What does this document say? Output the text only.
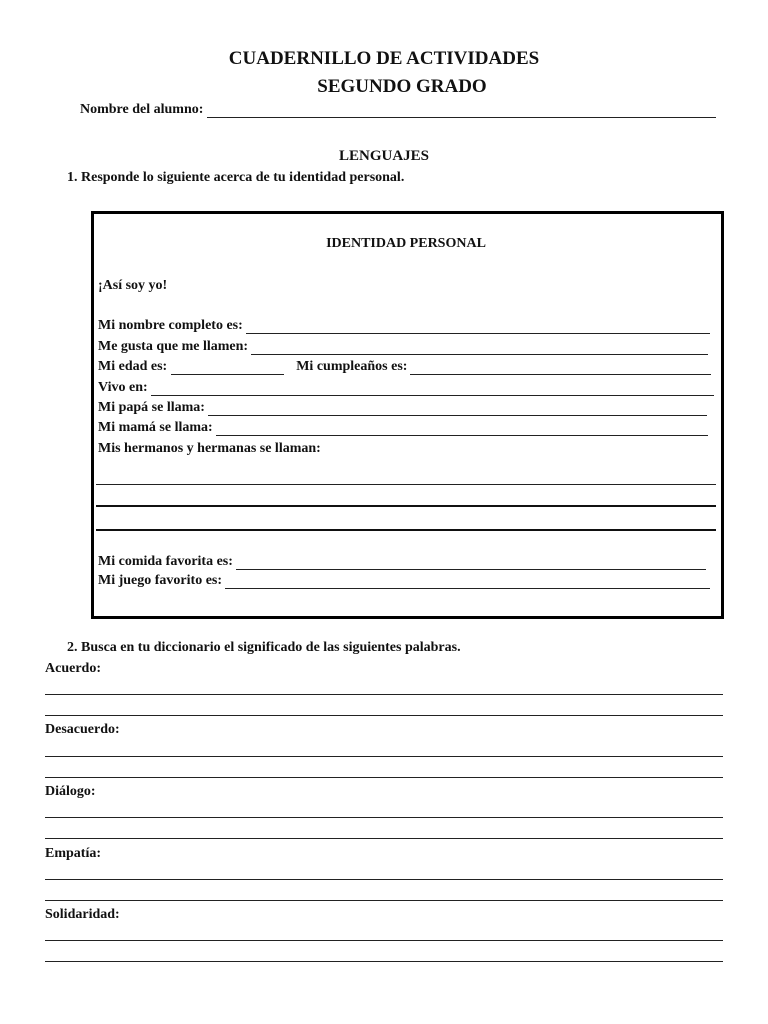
CUADERNILLO DE ACTIVIDADES
SEGUNDO GRADO
Nombre del alumno:
LENGUAJES
1. Responde lo siguiente acerca de tu identidad personal.
IDENTIDAD PERSONAL
¡Así soy yo!
Mi nombre completo es:
Me gusta que me llamen:
Mi edad es:	Mi cumpleaños es:
Vivo en:
Mi papá se llama:
Mi mamá se llama:
Mis hermanos y hermanas se llaman:
Mi comida favorita es:
Mi juego favorito es:
2. Busca en tu diccionario el significado de las siguientes palabras.
Acuerdo:
Desacuerdo:
Diálogo:
Empatía:
Solidaridad:
